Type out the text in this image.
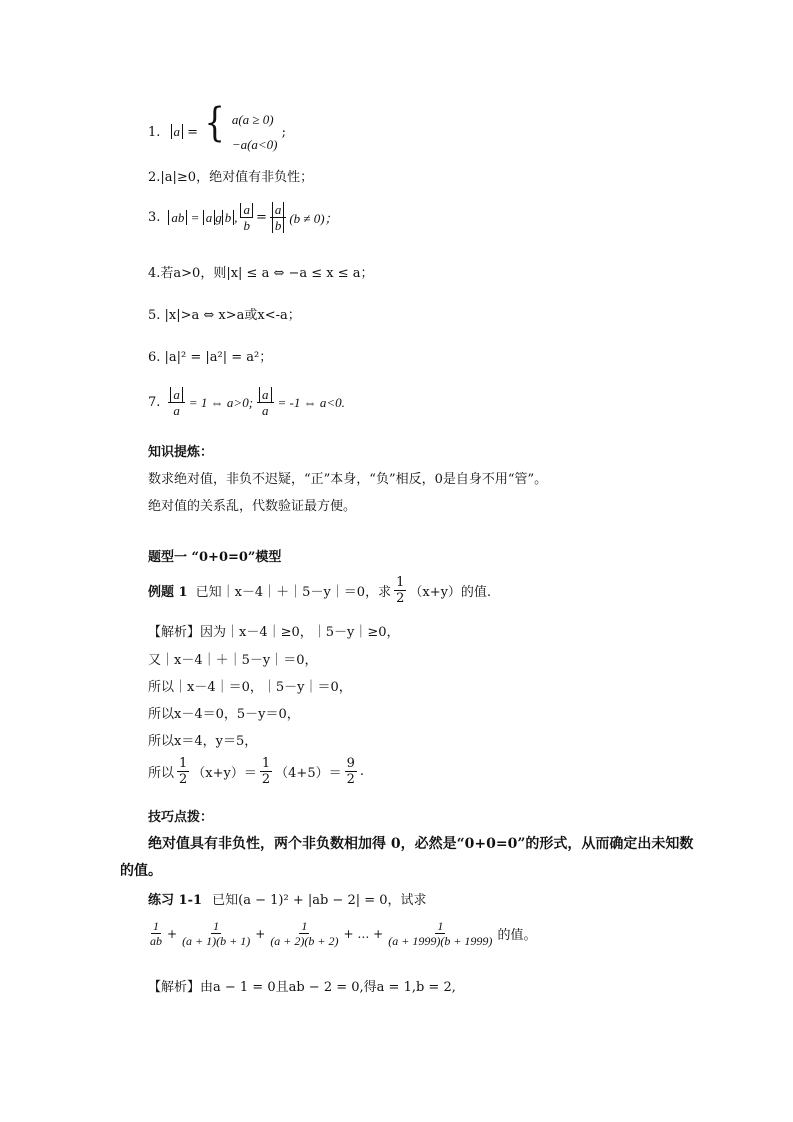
1. a = { a(a ≥ 0)
−a(a<0) ;
2.|a|≥0，绝对值有非负性；
3. ab = a g b , $\frac{a}{b} = \frac{a}{b} (b \ne 0)$；
4.若a>0，则|x| ≤ a ⇔ −a ≤ x ≤ a；
5. |x|>a ⇔ x>a或x<-a；
6. |a|² = |a²| = a²；
7. $\frac{a}{a} = 1$ ⇔ a>0; $\frac{a}{a} = -1$ ⇔ a<0.
知识提炼：
数求绝对值，非负不迟疑，“正”本身，“负”相反，0是自身不用“管”。
绝对值的关系乱，代数验证最方便。
题型一 “0+0=0”模型
例题 1 已知｜x－4｜＋｜5－y｜＝0，求 $\frac{1}{2} (x+y)$的值.
【解析】因为｜x－4｜≥0，｜5－y｜≥0，
又｜x－4｜＋｜5－y｜＝0，
所以｜x－4｜＝0，｜5－y｜＝0，
所以x－4＝0，5－y＝0，
所以x＝4，y＝5，
所以 $\frac{1}{2} (x+y)= \frac{1}{2} (4+5)= \frac{9}{2}$ .
技巧点拨：
绝对值具有非负性，两个非负数相加得 0，必然是“0+0=0”的形式，从而确定出未知数
的值。
练习 1-1 已知(a − 1)² + |ab − 2| = 0，试求
$\frac{1}{ab} + \frac{1}{(a + 1)(b + 1)} + \frac{1}{(a + 2)(b + 2)}$ + … + $\frac{1}{(a + 1999)(b + 1999)}$ 的值。
【解析】由a − 1 = 0且ab − 2 = 0,得a = 1,b = 2,
